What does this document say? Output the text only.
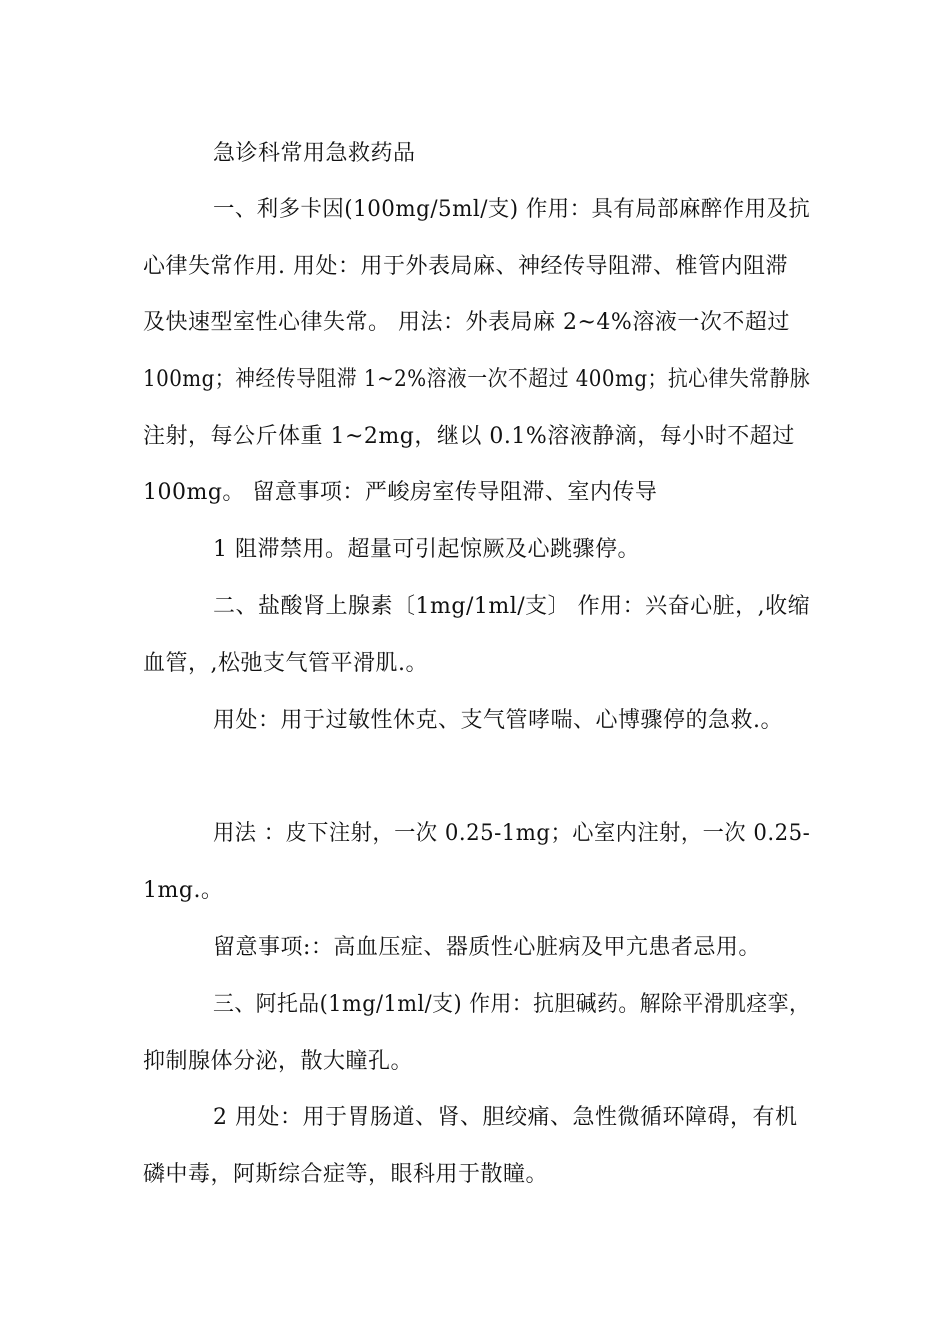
急诊科常用急救药品
一、利多卡因(100mg/5ml/支) 作用：具有局部麻醉作用及抗
心律失常作用. 用处：用于外表局麻、神经传导阻滞、椎管内阻滞
及快速型室性心律失常。 用法：外表局麻 2~4%溶液一次不超过
100mg；神经传导阻滞 1~2%溶液一次不超过 400mg；抗心律失常静脉
注射，每公斤体重 1~2mg，继以 0.1%溶液静滴，每小时不超过
100mg。 留意事项：严峻房室传导阻滞、室内传导
1 阻滞禁用。超量可引起惊厥及心跳骤停。
二、盐酸肾上腺素〔1mg/1ml/支〕 作用：兴奋心脏，,收缩
血管，,松弛支气管平滑肌.。
用处：用于过敏性休克、支气管哮喘、心博骤停的急救.。
用法 ：皮下注射，一次 0.25-1mg；心室内注射，一次 0.25-
1mg.。
留意事项:：高血压症、器质性心脏病及甲亢患者忌用。
三、阿托品(1mg/1ml/支) 作用：抗胆碱药。解除平滑肌痉挛，
抑制腺体分泌，散大瞳孔。
2 用处：用于胃肠道、肾、胆绞痛、急性微循环障碍，有机
磷中毒，阿斯综合症等，眼科用于散瞳。
